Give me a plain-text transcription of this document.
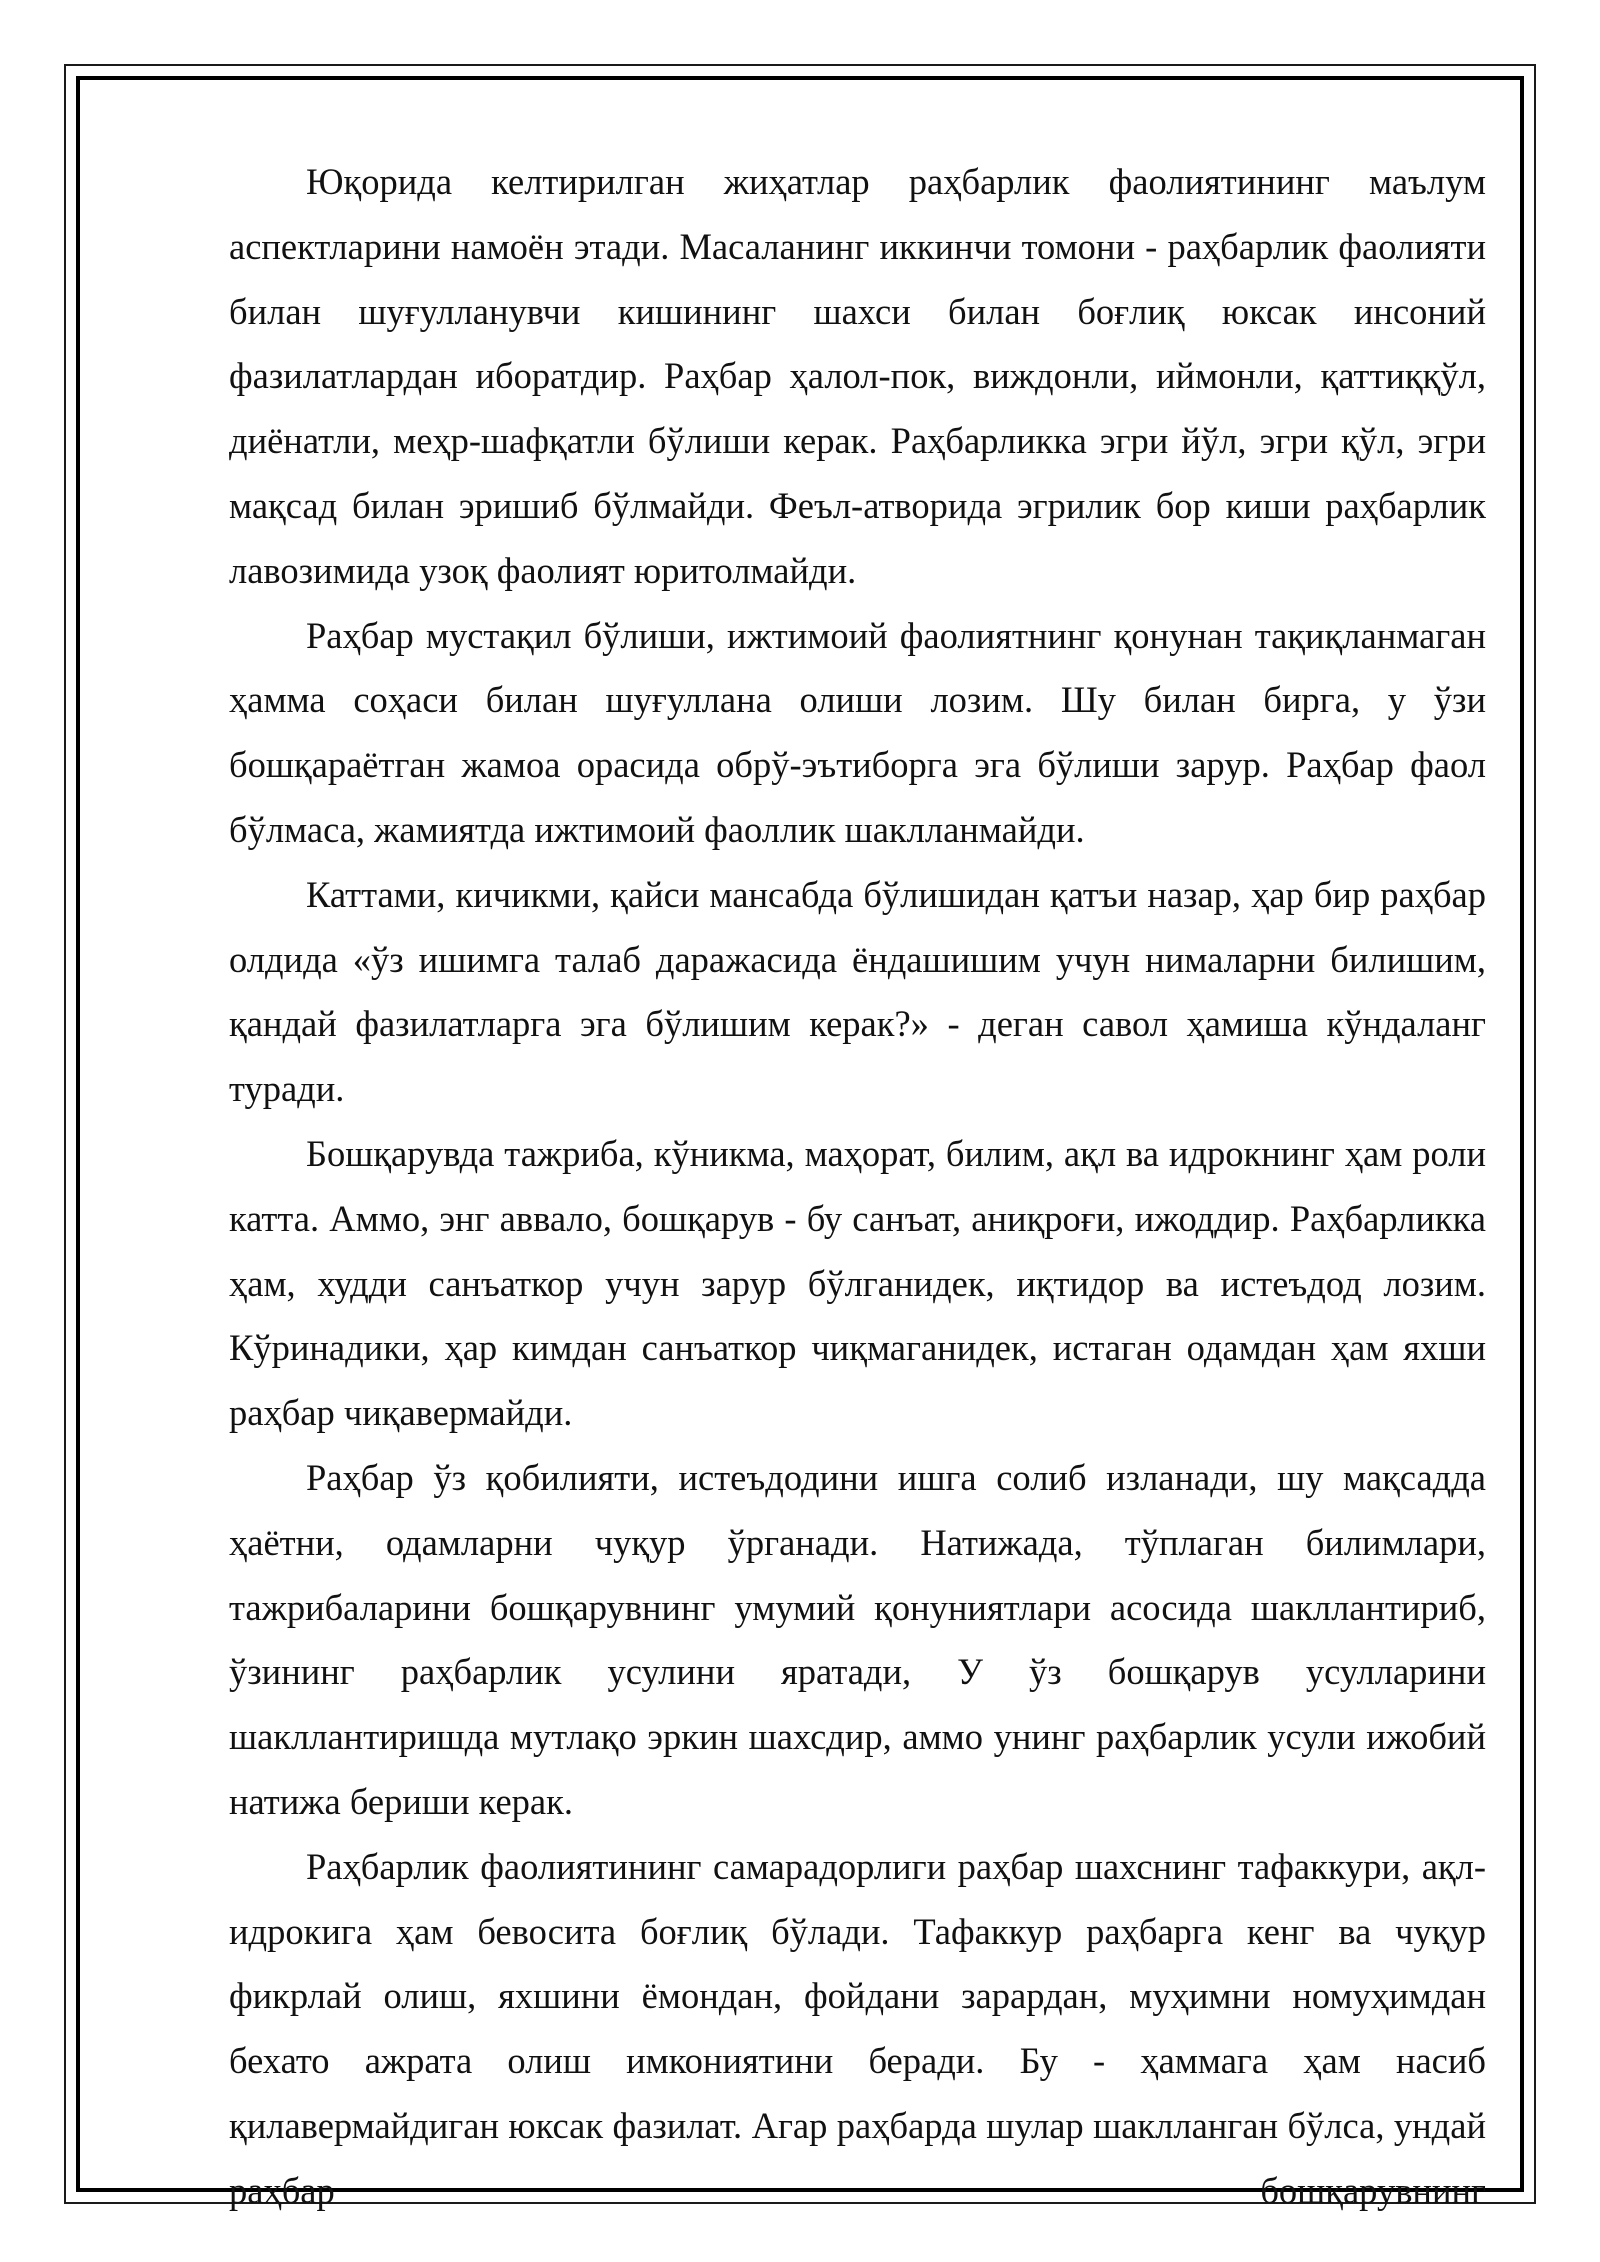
Юқорида келтирилган жиҳатлар раҳбарлик фаолиятининг маълум аспектларини намоён этади. Масаланинг иккинчи томони - раҳбарлик фаолияти билан шуғулланувчи кишининг шахси билан боғлиқ юксак инсоний фазилатлардан иборатдир. Раҳбар ҳалол-пок, виждонли, иймонли, қаттиққўл, диёнатли, меҳр-шафқатли бўлиши керак. Раҳбарликка эгри йўл, эгри қўл, эгри мақсад билан эришиб бўлмайди. Феъл-атворида эгрилик бор киши раҳбарлик лавозимида узоқ фаолият юритолмайди.

Раҳбар мустақил бўлиши, ижтимоий фаолиятнинг қонунан тақиқланмаган ҳамма соҳаси билан шуғуллана олиши лозим. Шу билан бирга, у ўзи бошқараётган жамоа орасида обрў-эътиборга эга бўлиши зарур. Раҳбар фаол бўлмаса, жамиятда ижтимоий фаоллик шаклланмайди.

Каттами, кичикми, қайси мансабда бўлишидан қатъи назар, ҳар бир раҳбар олдида «ўз ишимга талаб даражасида ёндашишим учун нималарни билишим, қандай фазилатларга эга бўлишим керак?» - деган савол ҳамиша кўндаланг туради.

Бошқарувда тажриба, кўникма, маҳорат, билим, ақл ва идрокнинг ҳам роли катта. Аммо, энг аввало, бошқарув - бу санъат, аниқроғи, ижоддир. Раҳбарликка ҳам, худди санъаткор учун зарур бўлганидек, иқтидор ва истеъдод лозим. Кўринадики, ҳар кимдан санъаткор чиқмаганидек, истаган одамдан ҳам яхши раҳбар чиқавермайди.

Раҳбар ўз қобилияти, истеъдодини ишга солиб изланади, шу мақсадда ҳаётни, одамларни чуқур ўрганади. Натижада, тўплаган билимлари, тажрибаларини бошқарувнинг умумий қонуниятлари асосида шакллантириб, ўзининг раҳбарлик усулини яратади, У ўз бошқарув усулларини шакллантиришда мутлақо эркин шахсдир, аммо унинг раҳбарлик усули ижобий натижа бериши керак.

Раҳбарлик фаолиятининг самарадорлиги раҳбар шахснинг тафаккури, ақл-идрокига ҳам бевосита боғлиқ бўлади. Тафаккур раҳбарга кенг ва чуқур фикрлай олиш, яхшини ёмондан, фойдани зарардан, муҳимни номуҳимдан бехато ажрата олиш имкониятини беради. Бу - ҳаммага ҳам насиб қилавермайдиган юксак фазилат. Агар раҳбарда шулар шаклланган бўлса, ундай раҳбар бошқарувнинг
